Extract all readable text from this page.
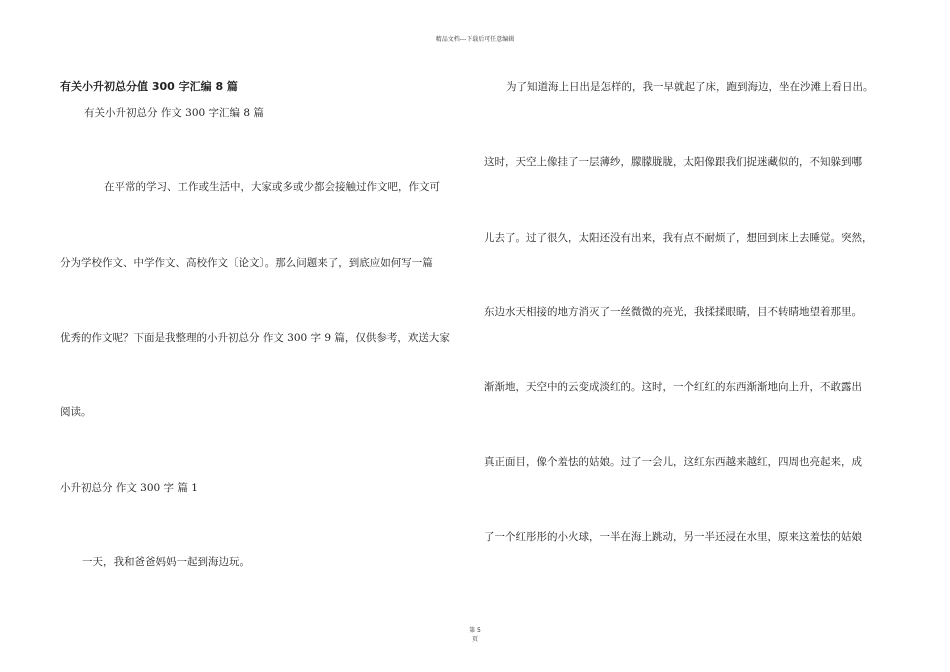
精品文档---下载后可任意编辑
有关小升初总分值 300 字汇编 8 篇
有关小升初总分 作文 300 字汇编 8 篇
在平常的学习、工作或生活中，大家或多或少都会接触过作文吧，作文可
分为学校作文、中学作文、高校作文〔论文〕。那么问题来了，到底应如何写一篇
优秀的作文呢？下面是我整理的小升初总分 作文 300 字 9 篇，仅供参考，欢送大家
阅读。
小升初总分 作文 300 字 篇 1
一天，我和爸爸妈妈一起到海边玩。
为了知道海上日出是怎样的，我一早就起了床，跑到海边，坐在沙滩上看日出。
这时，天空上像挂了一层薄纱，朦朦胧胧，太阳像跟我们捉迷藏似的，不知躲到哪
儿去了。过了很久，太阳还没有出来，我有点不耐烦了，想回到床上去睡觉。突然，
东边水天相接的地方消灭了一丝微微的亮光，我揉揉眼睛，目不转睛地望着那里。
渐渐地，天空中的云变成淡红的。这时，一个红红的东西渐渐地向上升，不敢露出
真正面目，像个羞怯的姑娘。过了一会儿，这红东西越来越红，四周也亮起来，成
了一个红彤彤的小火球，一半在海上跳动，另一半还浸在水里，原来这羞怯的姑娘
第 5
页
